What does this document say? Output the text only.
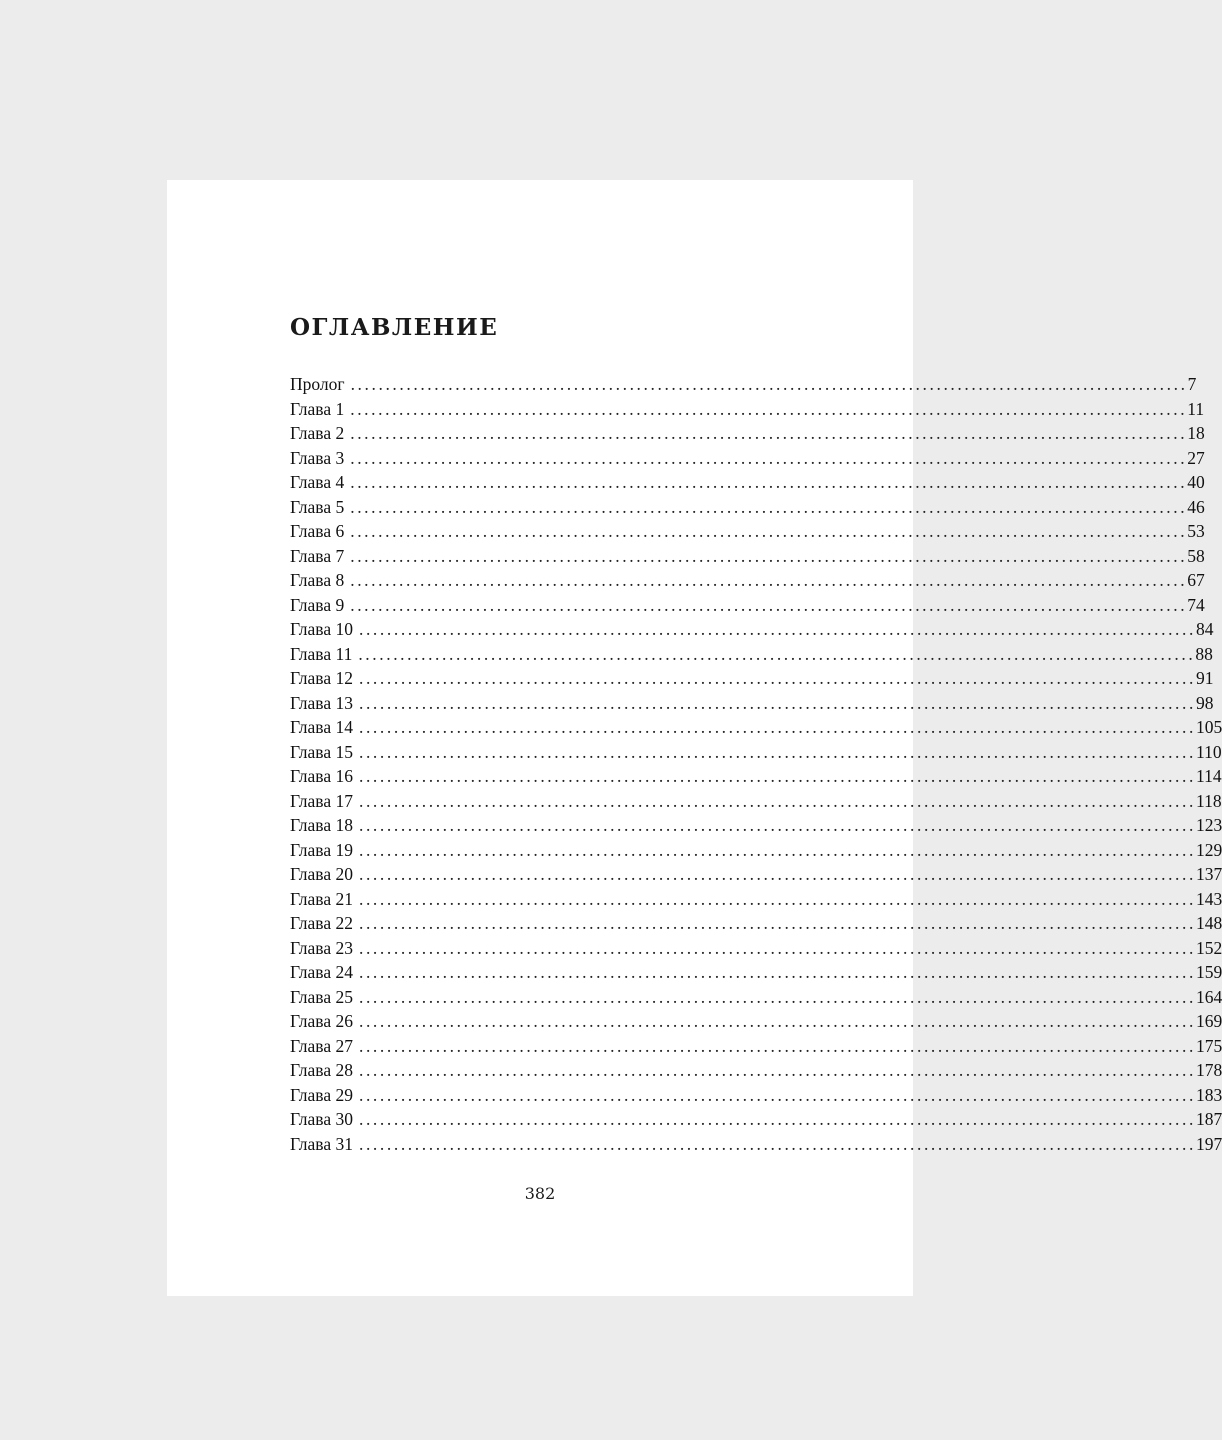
ОГЛАВЛЕНИЕ
Пролог ........................................................................................................................ 7
Глава 1 ........................................................................................................................ 11
Глава 2 ........................................................................................................................ 18
Глава 3 ........................................................................................................................ 27
Глава 4 ........................................................................................................................ 40
Глава 5 ........................................................................................................................ 46
Глава 6 ........................................................................................................................ 53
Глава 7 ........................................................................................................................ 58
Глава 8 ........................................................................................................................ 67
Глава 9 ........................................................................................................................ 74
Глава 10 ........................................................................................................................ 84
Глава 11 ........................................................................................................................ 88
Глава 12 ........................................................................................................................ 91
Глава 13 ........................................................................................................................ 98
Глава 14 ........................................................................................................................ 105
Глава 15 ........................................................................................................................ 110
Глава 16 ........................................................................................................................ 114
Глава 17 ........................................................................................................................ 118
Глава 18 ........................................................................................................................ 123
Глава 19 ........................................................................................................................ 129
Глава 20 ........................................................................................................................ 137
Глава 21 ........................................................................................................................ 143
Глава 22 ........................................................................................................................ 148
Глава 23 ........................................................................................................................ 152
Глава 24 ........................................................................................................................ 159
Глава 25 ........................................................................................................................ 164
Глава 26 ........................................................................................................................ 169
Глава 27 ........................................................................................................................ 175
Глава 28 ........................................................................................................................ 178
Глава 29 ........................................................................................................................ 183
Глава 30 ........................................................................................................................ 187
Глава 31 ........................................................................................................................ 197
382
